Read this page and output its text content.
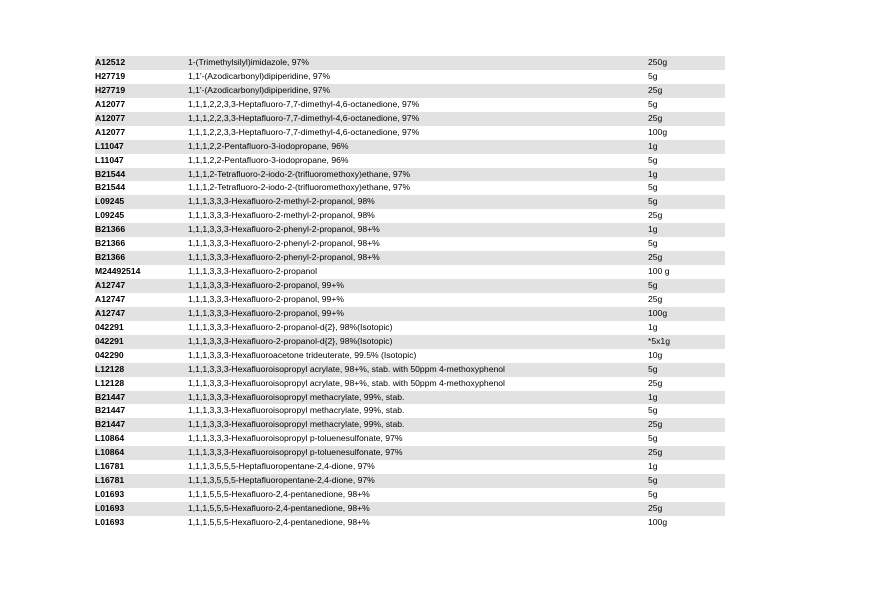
A12512	1-(Trimethylsilyl)imidazole, 97%	250g
H27719	1,1'-(Azodicarbonyl)dipiperidine, 97%	5g
H27719	1,1'-(Azodicarbonyl)dipiperidine, 97%	25g
A12077	1,1,1,2,2,3,3-Heptafluoro-7,7-dimethyl-4,6-octanedione, 97%	5g
A12077	1,1,1,2,2,3,3-Heptafluoro-7,7-dimethyl-4,6-octanedione, 97%	25g
A12077	1,1,1,2,2,3,3-Heptafluoro-7,7-dimethyl-4,6-octanedione, 97%	100g
L11047	1,1,1,2,2-Pentafluoro-3-iodopropane, 96%	1g
L11047	1,1,1,2,2-Pentafluoro-3-iodopropane, 96%	5g
B21544	1,1,1,2-Tetrafluoro-2-iodo-2-(trifluoromethoxy)ethane, 97%	1g
B21544	1,1,1,2-Tetrafluoro-2-iodo-2-(trifluoromethoxy)ethane, 97%	5g
L09245	1,1,1,3,3,3-Hexafluoro-2-methyl-2-propanol, 98%	5g
L09245	1,1,1,3,3,3-Hexafluoro-2-methyl-2-propanol, 98%	25g
B21366	1,1,1,3,3,3-Hexafluoro-2-phenyl-2-propanol, 98+%	1g
B21366	1,1,1,3,3,3-Hexafluoro-2-phenyl-2-propanol, 98+%	5g
B21366	1,1,1,3,3,3-Hexafluoro-2-phenyl-2-propanol, 98+%	25g
M24492514	1,1,1,3,3,3-Hexafluoro-2-propanol	100 g
A12747	1,1,1,3,3,3-Hexafluoro-2-propanol, 99+%	5g
A12747	1,1,1,3,3,3-Hexafluoro-2-propanol, 99+%	25g
A12747	1,1,1,3,3,3-Hexafluoro-2-propanol, 99+%	100g
042291	1,1,1,3,3,3-Hexafluoro-2-propanol-d{2}, 98%(Isotopic)	1g
042291	1,1,1,3,3,3-Hexafluoro-2-propanol-d{2}, 98%(Isotopic)	*5x1g
042290	1,1,1,3,3,3-Hexafluoroacetone trideuterate, 99.5% (Isotopic)	10g
L12128	1,1,1,3,3,3-Hexafluoroisopropyl acrylate, 98+%, stab. with 50ppm 4-methoxyphenol	5g
L12128	1,1,1,3,3,3-Hexafluoroisopropyl acrylate, 98+%, stab. with 50ppm 4-methoxyphenol	25g
B21447	1,1,1,3,3,3-Hexafluoroisopropyl methacrylate, 99%, stab.	1g
B21447	1,1,1,3,3,3-Hexafluoroisopropyl methacrylate, 99%, stab.	5g
B21447	1,1,1,3,3,3-Hexafluoroisopropyl methacrylate, 99%, stab.	25g
L10864	1,1,1,3,3,3-Hexafluoroisopropyl p-toluenesulfonate, 97%	5g
L10864	1,1,1,3,3,3-Hexafluoroisopropyl p-toluenesulfonate, 97%	25g
L16781	1,1,1,3,5,5,5-Heptafluoropentane-2,4-dione, 97%	1g
L16781	1,1,1,3,5,5,5-Heptafluoropentane-2,4-dione, 97%	5g
L01693	1,1,1,5,5,5-Hexafluoro-2,4-pentanedione, 98+%	5g
L01693	1,1,1,5,5,5-Hexafluoro-2,4-pentanedione, 98+%	25g
L01693	1,1,1,5,5,5-Hexafluoro-2,4-pentanedione, 98+%	100g
